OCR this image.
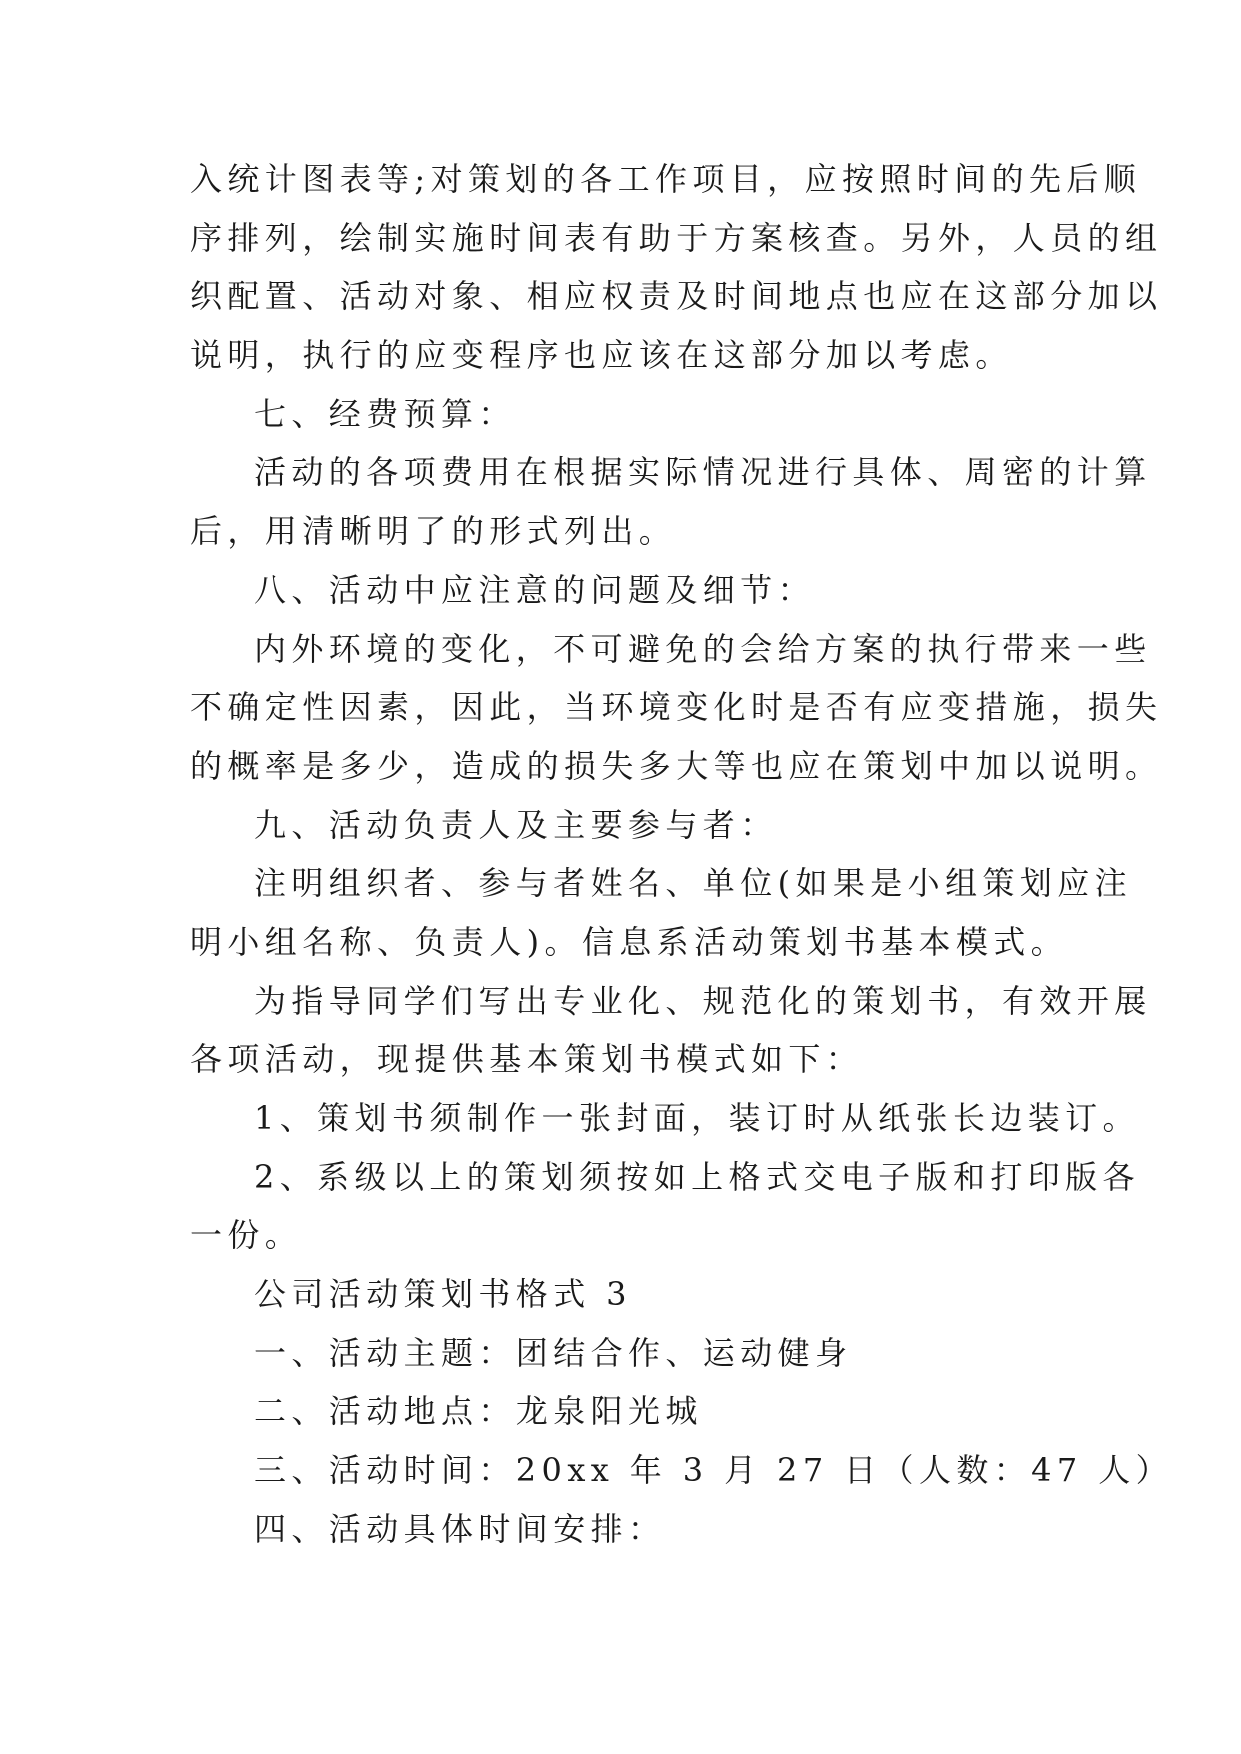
入统计图表等;对策划的各工作项目，应按照时间的先后顺
序排列，绘制实施时间表有助于方案核查。另外，人员的组
织配置、活动对象、相应权责及时间地点也应在这部分加以
说明，执行的应变程序也应该在这部分加以考虑。
七、经费预算：
活动的各项费用在根据实际情况进行具体、周密的计算
后，用清晰明了的形式列出。
八、活动中应注意的问题及细节：
内外环境的变化，不可避免的会给方案的执行带来一些
不确定性因素，因此，当环境变化时是否有应变措施，损失
的概率是多少，造成的损失多大等也应在策划中加以说明。
九、活动负责人及主要参与者：
注明组织者、参与者姓名、单位(如果是小组策划应注
明小组名称、负责人)。信息系活动策划书基本模式。
为指导同学们写出专业化、规范化的策划书，有效开展
各项活动，现提供基本策划书模式如下：
1、策划书须制作一张封面，装订时从纸张长边装订。
2、系级以上的策划须按如上格式交电子版和打印版各
一份。
公司活动策划书格式 3
一、活动主题：团结合作、运动健身
二、活动地点：龙泉阳光城
三、活动时间：20xx 年 3 月 27 日（人数：47 人）
四、活动具体时间安排：
